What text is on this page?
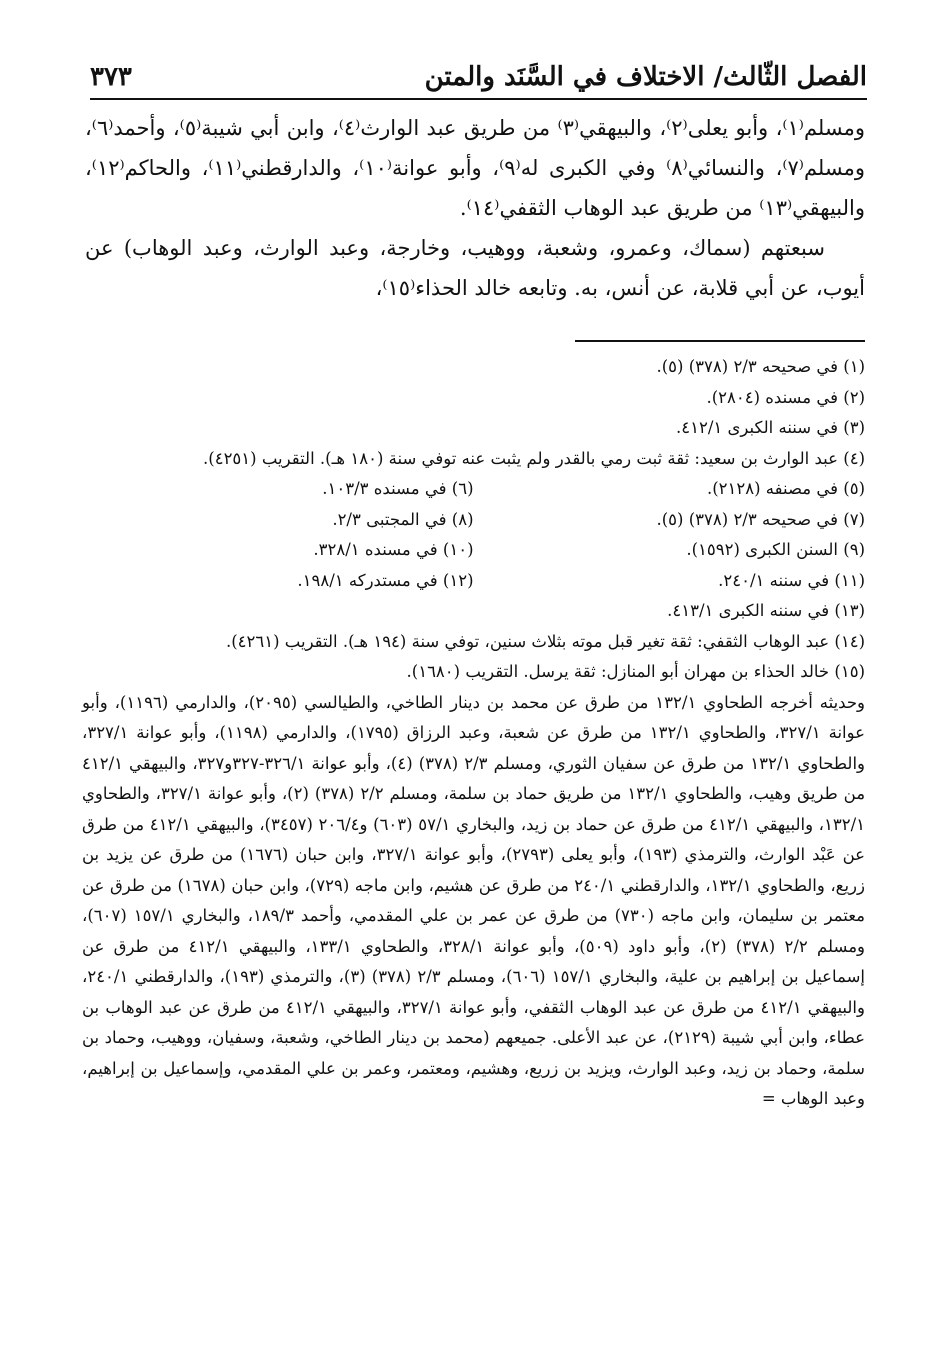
٣٧٣	الفصل الثّالث/ الاختلاف في السَّنَد والمتن

ومسلم⁽١⁾، وأبو يعلى⁽٢⁾، والبيهقي⁽٣⁾ من طريق عبد الوارث⁽٤⁾، وابن أبي شيبة⁽٥⁾، وأحمد⁽٦⁾، ومسلم⁽٧⁾، والنسائي⁽٨⁾ وفي الكبرى له⁽٩⁾، وأبو عوانة⁽١٠⁾، والدارقطني⁽١١⁾، والحاكم⁽١٢⁾، والبيهقي⁽١٣⁾ من طريق عبد الوهاب الثقفي⁽١٤⁾.

سبعتهم (سماك، وعمرو، وشعبة، ووهيب، وخارجة، وعبد الوارث، وعبد الوهاب) عن أيوب، عن أبي قلابة، عن أنس، به. وتابعه خالد الحذاء⁽١٥⁾،

(١) في صحيحه ٢/٣ (٣٧٨) (٥).

(٢) في مسنده (٢٨٠٤).

(٣) في سننه الكبرى ٤١٢/١.

(٤) عبد الوارث بن سعيد: ثقة ثبت رمي بالقدر ولم يثبت عنه توفي سنة (١٨٠ هـ). التقريب (٤٢٥١).

(٥) في مصنفه (٢١٢٨).

(٦) في مسنده ١٠٣/٣.

(٧) في صحيحه ٢/٣ (٣٧٨) (٥).

(٨) في المجتبى ٢/٣.

(٩) السنن الكبرى (١٥٩٢).

(١٠) في مسنده ٣٢٨/١.

(١١) في سننه ٢٤٠/١.

(١٢) في مستدركه ١٩٨/١.

(١٣) في سننه الكبرى ٤١٣/١.

(١٤) عبد الوهاب الثقفي: ثقة تغير قبل موته بثلاث سنين، توفي سنة (١٩٤ هـ). التقريب (٤٢٦١).

(١٥) خالد الحذاء بن مهران أبو المنازل: ثقة يرسل. التقريب (١٦٨٠).

وحديثه أخرجه الطحاوي ١٣٢/١ من طرق عن محمد بن دينار الطاخي، والطيالسي (٢٠٩٥)، والدارمي (١١٩٦)، وأبو عوانة ٣٢٧/١، والطحاوي ١٣٢/١ من طرق عن شعبة، وعبد الرزاق (١٧٩٥)، والدارمي (١١٩٨)، وأبو عوانة ٣٢٧/١، والطحاوي ١٣٢/١ من طرق عن سفيان الثوري، ومسلم ٢/٣ (٣٧٨) (٤)، وأبو عوانة ٣٢٦/١-٣٢٧و٣٢٧، والبيهقي ٤١٢/١ من طريق وهيب، والطحاوي ١٣٢/١ من طريق حماد بن سلمة، ومسلم ٢/٢ (٣٧٨) (٢)، وأبو عوانة ٣٢٧/١، والطحاوي ١٣٢/١، والبيهقي ٤١٢/١ من طرق عن حماد بن زيد، والبخاري ٥٧/١ (٦٠٣) و٢٠٦/٤ (٣٤٥٧)، والبيهقي ٤١٢/١ من طرق عن عَبْد الوارث، والترمذي (١٩٣)، وأبو يعلى (٢٧٩٣)، وأبو عوانة ٣٢٧/١، وابن حبان (١٦٧٦) من طرق عن يزيد بن زريع، والطحاوي ١٣٢/١، والدارقطني ٢٤٠/١ من طرق عن هشيم، وابن ماجه (٧٢٩)، وابن حبان (١٦٧٨) من طرق عن معتمر بن سليمان، وابن ماجه (٧٣٠) من طرق عن عمر بن علي المقدمي، وأحمد ١٨٩/٣، والبخاري ١٥٧/١ (٦٠٧)، ومسلم ٢/٢ (٣٧٨) (٢)، وأبو داود (٥٠٩)، وأبو عوانة ٣٢٨/١، والطحاوي ١٣٣/١، والبيهقي ٤١٢/١ من طرق عن إسماعيل بن إبراهيم بن علية، والبخاري ١٥٧/١ (٦٠٦)، ومسلم ٢/٣ (٣٧٨) (٣)، والترمذي (١٩٣)، والدارقطني ٢٤٠/١، والبيهقي ٤١٢/١ من طرق عن عبد الوهاب الثقفي، وأبو عوانة ٣٢٧/١، والبيهقي ٤١٢/١ من طرق عن عبد الوهاب بن عطاء، وابن أبي شيبة (٢١٢٩)، عن عبد الأعلى. جميعهم (محمد بن دينار الطاخي، وشعبة، وسفيان، ووهيب، وحماد بن سلمة، وحماد بن زيد، وعبد الوارث، ويزيد بن زريع، وهشيم، ومعتمر، وعمر بن علي المقدمي، وإسماعيل بن إبراهيم، وعبد الوهاب =
